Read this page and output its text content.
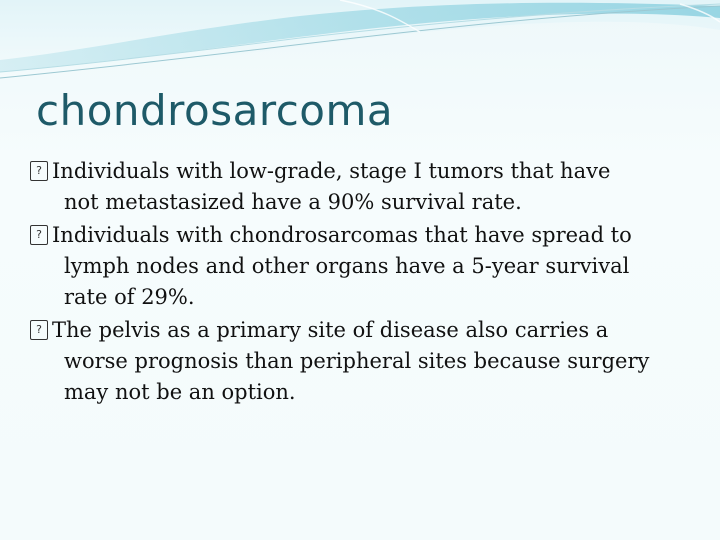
chondrosarcoma
? Individuals with low-grade, stage I tumors that have
not metastasized have a 90% survival rate.
? Individuals with chondrosarcomas that have spread to
lymph nodes and other organs have a 5-year survival
rate of 29%.
? The pelvis as a primary site of disease also carries a
worse prognosis than peripheral sites because surgery
may not be an option.
